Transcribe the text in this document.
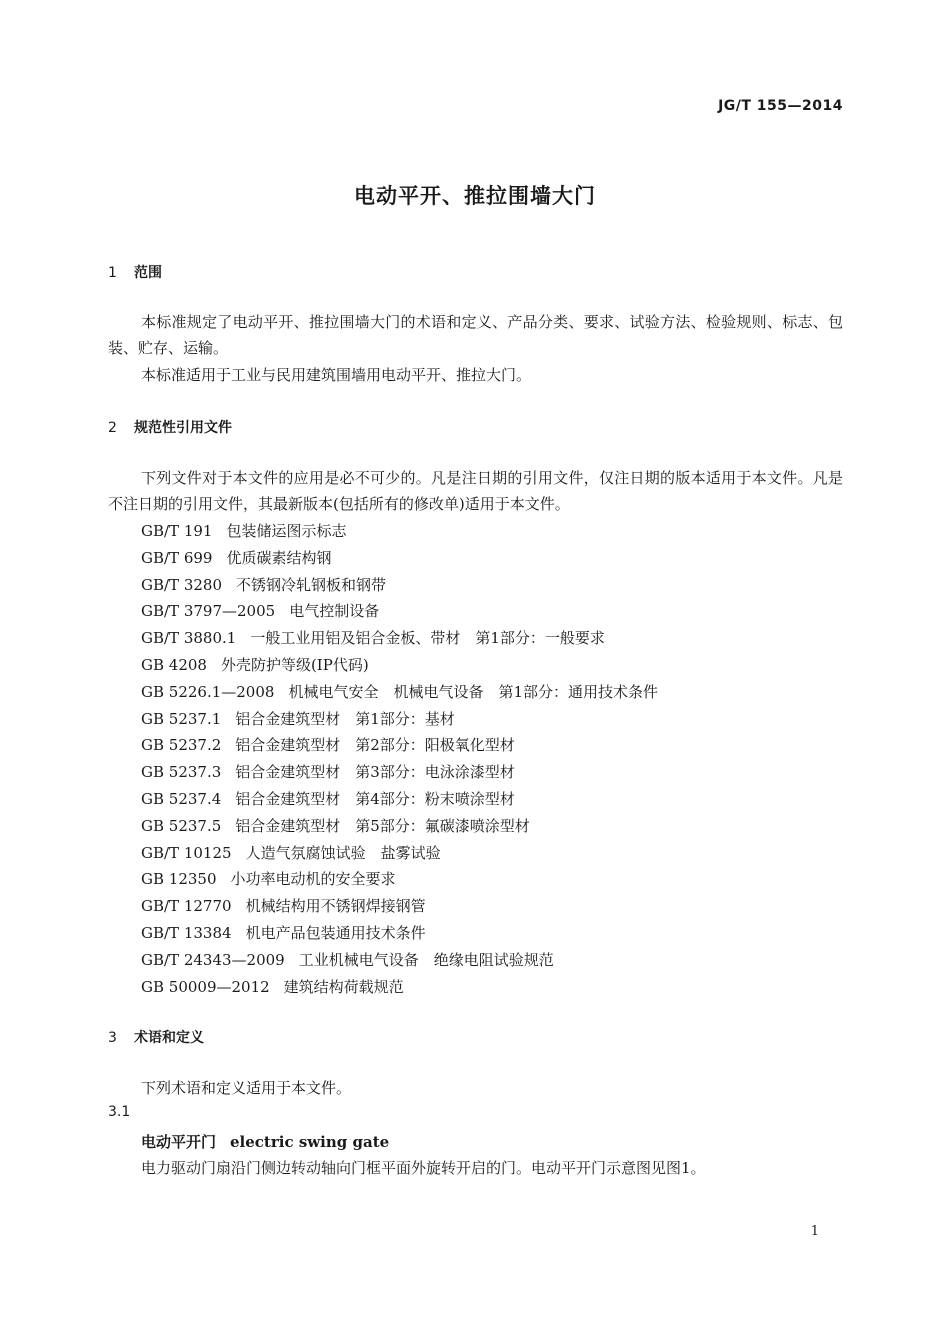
JG/T 155—2014
电动平开、推拉围墙大门
1 范围
本标准规定了电动平开、推拉围墙大门的术语和定义、产品分类、要求、试验方法、检验规则、标志、包装、贮存、运输。
本标准适用于工业与民用建筑围墙用电动平开、推拉大门。
2 规范性引用文件
下列文件对于本文件的应用是必不可少的。凡是注日期的引用文件，仅注日期的版本适用于本文件。凡是不注日期的引用文件，其最新版本(包括所有的修改单)适用于本文件。
GB/T 191 包装储运图示标志
GB/T 699 优质碳素结构钢
GB/T 3280 不锈钢冷轧钢板和钢带
GB/T 3797—2005 电气控制设备
GB/T 3880.1 一般工业用铝及铝合金板、带材　第1部分：一般要求
GB 4208 外壳防护等级(IP代码)
GB 5226.1—2008 机械电气安全　机械电气设备　第1部分：通用技术条件
GB 5237.1 铝合金建筑型材　第1部分：基材
GB 5237.2 铝合金建筑型材　第2部分：阳极氧化型材
GB 5237.3 铝合金建筑型材　第3部分：电泳涂漆型材
GB 5237.4 铝合金建筑型材　第4部分：粉末喷涂型材
GB 5237.5 铝合金建筑型材　第5部分：氟碳漆喷涂型材
GB/T 10125 人造气氛腐蚀试验　盐雾试验
GB 12350 小功率电动机的安全要求
GB/T 12770 机械结构用不锈钢焊接钢管
GB/T 13384 机电产品包装通用技术条件
GB/T 24343—2009 工业机械电气设备　绝缘电阻试验规范
GB 50009—2012 建筑结构荷载规范
3 术语和定义
下列术语和定义适用于本文件。
3.1
电动平开门 electric swing gate
电力驱动门扇沿门侧边转动轴向门框平面外旋转开启的门。电动平开门示意图见图1。
1
